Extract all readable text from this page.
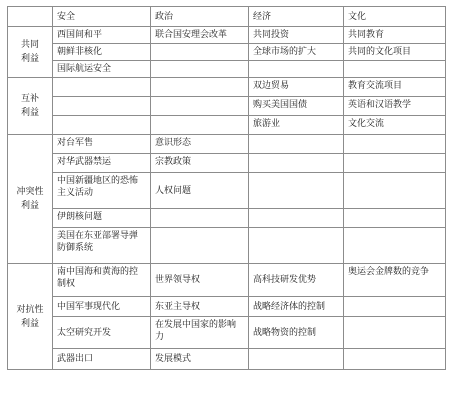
	安全	政治	经济	文化

共同
利益	西国间和平	联合国安理会改革	共同投资	共同教育
	朝鲜非核化		全球市场的扩大	共同的文化项目
	国际航运安全			

互补
利益			双边贸易	教育交流项目
			购买美国国债	英语和汉语教学
			旅游业	文化交流

冲突性
利益	对台军售	意识形态		
	对华武器禁运	宗教政策		
	中国新疆地区的恐怖主义活动	人权问题		
	伊朗核问题			
	美国在东亚部署导弹防御系统			

对抗性
利益	南中国海和黄海的控制权	世界领导权	高科技研发优势	奥运会金牌数的竞争
	中国军事现代化	东亚主导权	战略经济体的控制	
	太空研究开发	在发展中国家的影响力	战略物资的控制	
	武器出口	发展模式		
